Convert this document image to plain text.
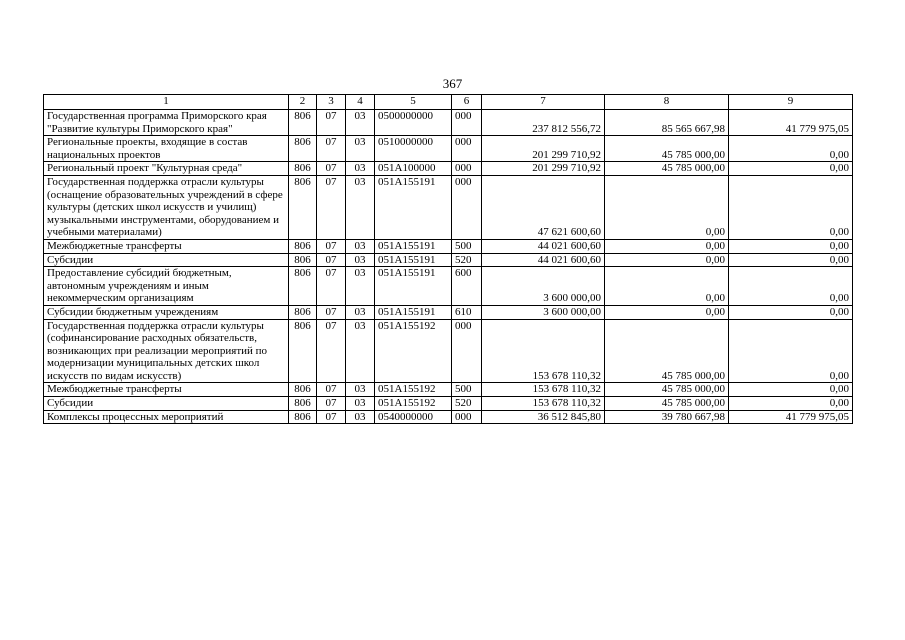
367
1	2	3	4	5	6	7	8	9
Государственная программа Приморского края "Развитие культуры Приморского края"	806	07	03	0500000000	000	237 812 556,72	85 565 667,98	41 779 975,05
Региональные проекты, входящие в состав национальных проектов	806	07	03	0510000000	000	201 299 710,92	45 785 000,00	0,00
Региональный проект "Культурная среда"	806	07	03	051A100000	000	201 299 710,92	45 785 000,00	0,00
Государственная поддержка отрасли культуры (оснащение образовательных учреждений в сфере культуры (детских школ искусств и училищ) музыкальными инструментами, оборудованием и учебными материалами)	806	07	03	051A155191	000	47 621 600,60	0,00	0,00
Межбюджетные трансферты	806	07	03	051A155191	500	44 021 600,60	0,00	0,00
Субсидии	806	07	03	051A155191	520	44 021 600,60	0,00	0,00
Предоставление субсидий бюджетным, автономным учреждениям и иным некоммерческим организациям	806	07	03	051A155191	600	3 600 000,00	0,00	0,00
Субсидии бюджетным учреждениям	806	07	03	051A155191	610	3 600 000,00	0,00	0,00
Государственная поддержка отрасли культуры (софинансирование расходных обязательств, возникающих при реализации мероприятий по модернизации муниципальных детских школ искусств по видам искусств)	806	07	03	051A155192	000	153 678 110,32	45 785 000,00	0,00
Межбюджетные трансферты	806	07	03	051A155192	500	153 678 110,32	45 785 000,00	0,00
Субсидии	806	07	03	051A155192	520	153 678 110,32	45 785 000,00	0,00
Комплексы процессных мероприятий	806	07	03	0540000000	000	36 512 845,80	39 780 667,98	41 779 975,05
